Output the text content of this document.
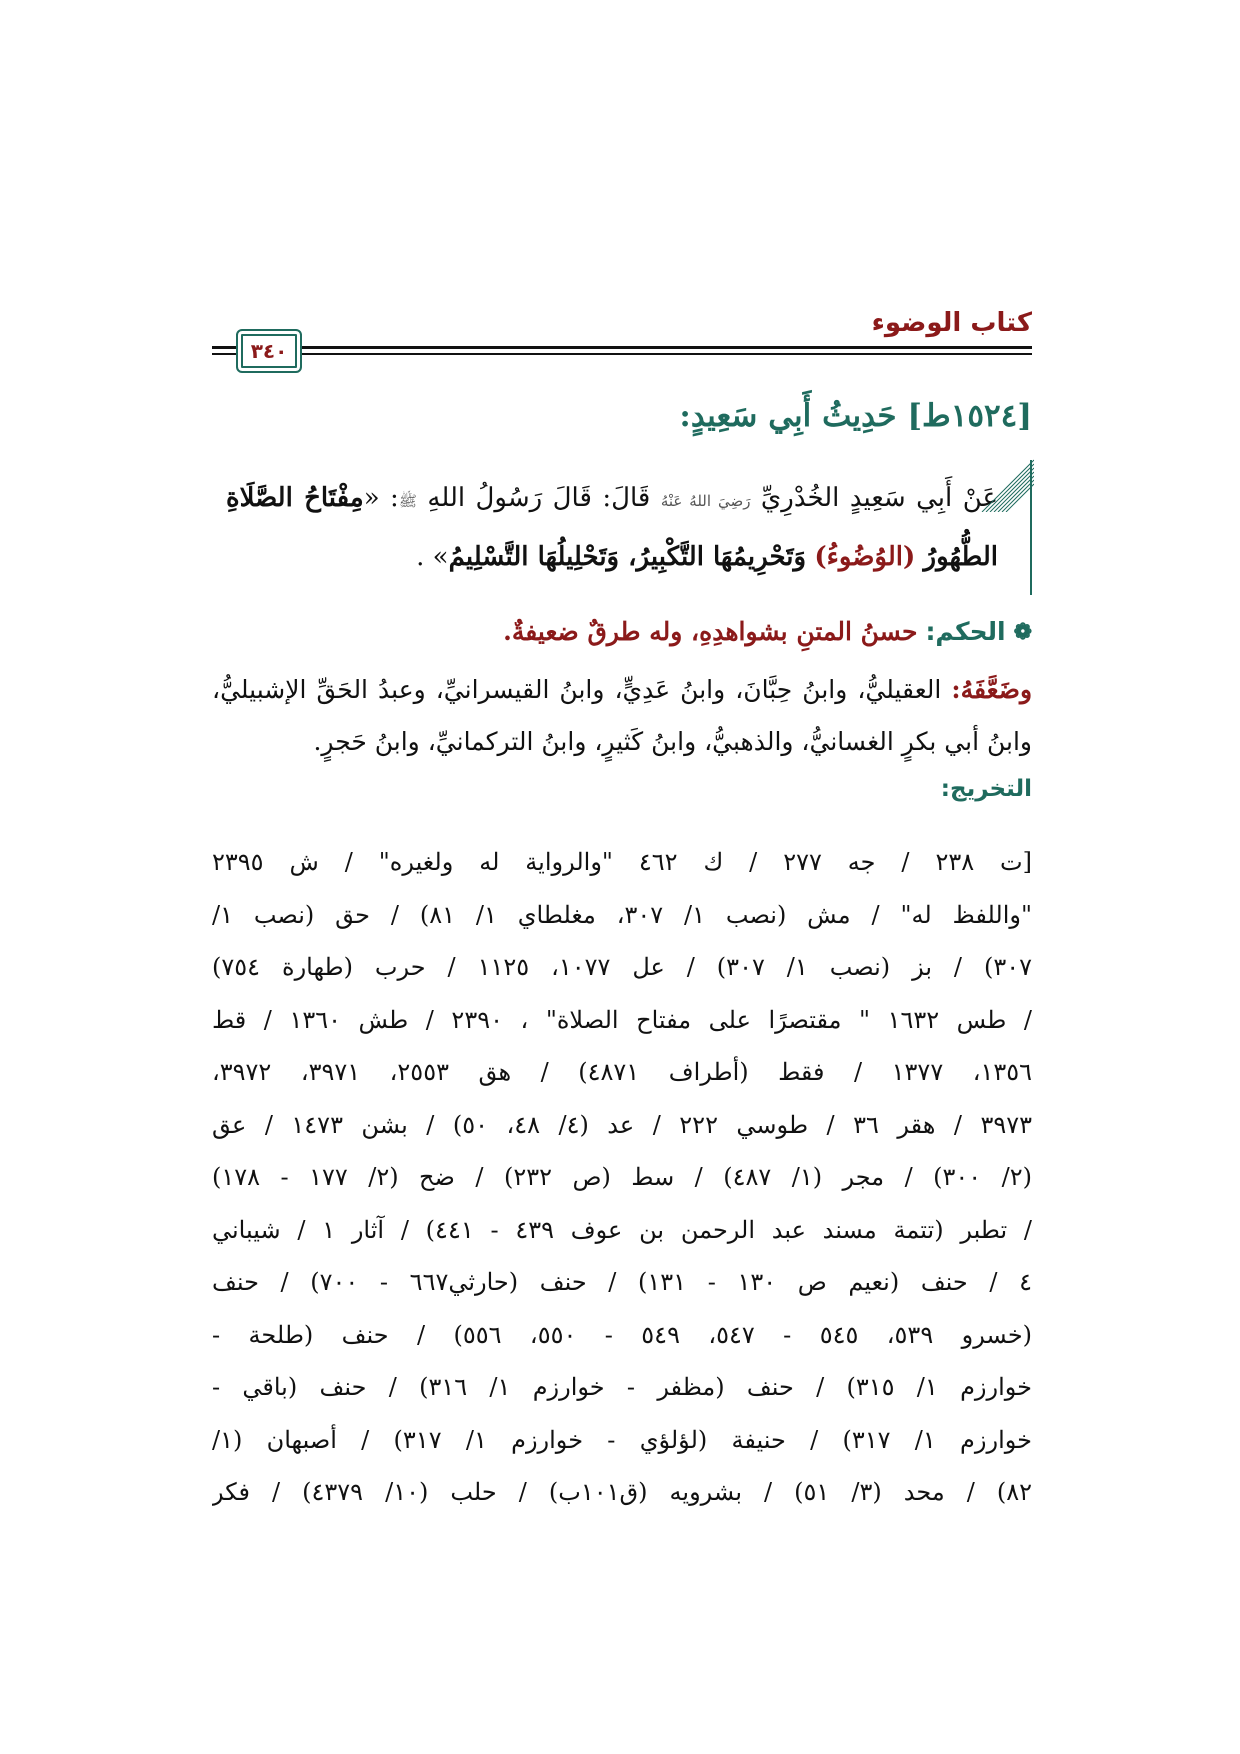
كتاب الوضوء
٣٤٠
[١٥٢٤ط] حَدِيثُ أَبِي سَعِيدٍ:
عَنْ أَبِي سَعِيدٍ الخُدْرِيِّ رَضِيَ اللهُ عَنْهُ قَالَ: قَالَ رَسُولُ اللهِ ﷺ: «مِفْتَاحُ الصَّلَاةِ الطُّهُورُ (الوُضُوءُ) وَتَحْرِيمُهَا التَّكْبِيرُ، وَتَحْلِيلُهَا التَّسْلِيمُ» .
❁
الحكم:
حسنُ المتنِ بشواهدِهِ، وله طرقٌ ضعيفةٌ.
وضَعَّفَهُ: العقيليُّ، وابنُ حِبَّانَ، وابنُ عَدِيٍّ، وابنُ القيسرانيِّ، وعبدُ الحَقِّ الإشبيليُّ، وابنُ أبي بكرٍ الغسانيُّ، والذهبيُّ، وابنُ كَثيرٍ، وابنُ التركمانيِّ، وابنُ حَجرٍ.
التخريج:
[ت ٢٣٨ / جه ٢٧٧ / ك ٤٦٢ "والرواية له ولغيره" / ش ٢٣٩٥
"واللفظ له" / مش (نصب ١/ ٣٠٧، مغلطاي ١/ ٨١) / حق (نصب ١/
٣٠٧) / بز (نصب ١/ ٣٠٧) / عل ١٠٧٧، ١١٢٥ / حرب (طهارة ٧٥٤)
/ طس ١٦٣٢ " مقتصرًا على مفتاح الصلاة" ، ٢٣٩٠ / طش ١٣٦٠ / قط
١٣٥٦، ١٣٧٧ / فقط (أطراف ٤٨٧١) / هق ٢٥٥٣، ٣٩٧١، ٣٩٧٢،
٣٩٧٣ / هقر ٣٦ / طوسي ٢٢٢ / عد (٤/ ٤٨، ٥٠) / بشن ١٤٧٣ / عق
(٢/ ٣٠٠) / مجر (١/ ٤٨٧) / سط (ص ٢٣٢) / ضح (٢/ ١٧٧ - ١٧٨)
/ تطبر (تتمة مسند عبد الرحمن بن عوف ٤٣٩ - ٤٤١) / آثار ١ / شيباني
٤ / حنف (نعيم ص ١٣٠ - ١٣١) / حنف (حارثي٦٦٧ - ٧٠٠) / حنف
(خسرو ٥٣٩، ٥٤٥ - ٥٤٧، ٥٤٩ - ٥٥٠، ٥٥٦) / حنف (طلحة -
خوارزم ١/ ٣١٥) / حنف (مظفر - خوارزم ١/ ٣١٦) / حنف (باقي -
خوارزم ١/ ٣١٧) / حنيفة (لؤلؤي - خوارزم ١/ ٣١٧) / أصبهان (١/
٨٢) / محد (٣/ ٥١) / بشرويه (ق١٠١ب) / حلب (١٠/ ٤٣٧٩) / فكر
